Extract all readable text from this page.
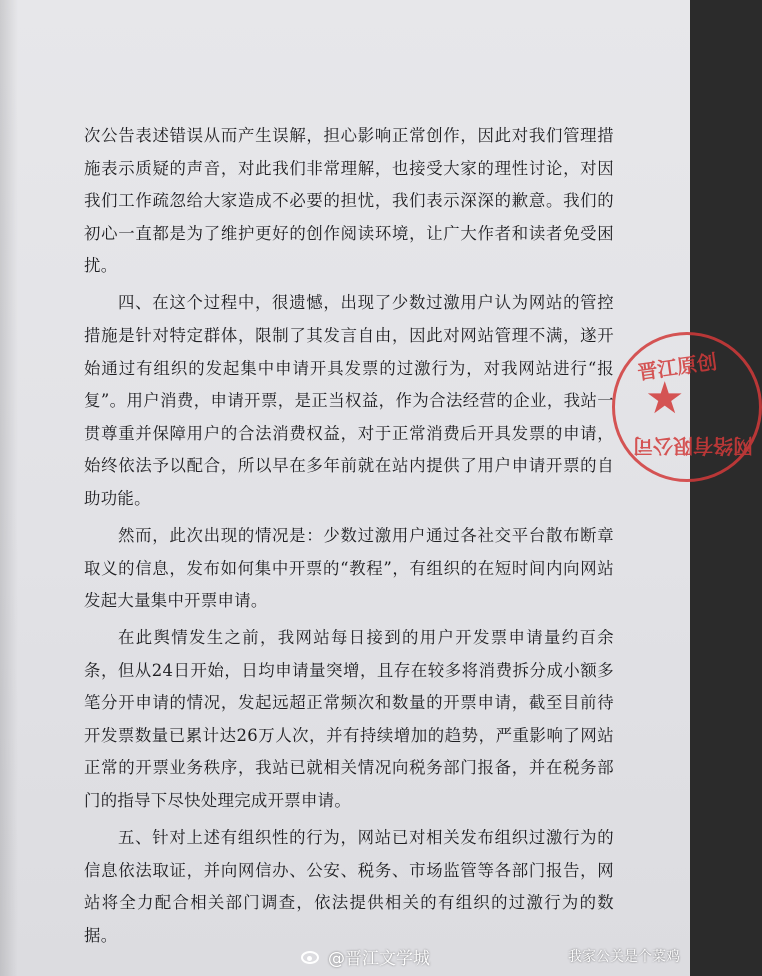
次公告表述错误从而产生误解，担心影响正常创作，因此对我们管理措施表示质疑的声音，对此我们非常理解，也接受大家的理性讨论，对因我们工作疏忽给大家造成不必要的担忧，我们表示深深的歉意。我们的初心一直都是为了维护更好的创作阅读环境，让广大作者和读者免受困扰。

四、在这个过程中，很遗憾，出现了少数过激用户认为网站的管控措施是针对特定群体，限制了其发言自由，因此对网站管理不满，遂开始通过有组织的发起集中申请开具发票的过激行为，对我网站进行“报复”。用户消费，申请开票，是正当权益，作为合法经营的企业，我站一贯尊重并保障用户的合法消费权益，对于正常消费后开具发票的申请，始终依法予以配合，所以早在多年前就在站内提供了用户申请开票的自助功能。

然而，此次出现的情况是：少数过激用户通过各社交平台散布断章取义的信息，发布如何集中开票的“教程”，有组织的在短时间内向网站发起大量集中开票申请。

在此舆情发生之前，我网站每日接到的用户开发票申请量约百余条，但从24日开始，日均申请量突增，且存在较多将消费拆分成小额多笔分开申请的情况，发起远超正常频次和数量的开票申请，截至目前待开发票数量已累计达26万人次，并有持续增加的趋势，严重影响了网站正常的开票业务秩序，我站已就相关情况向税务部门报备，并在税务部门的指导下尽快处理完成开票申请。

五、针对上述有组织性的行为，网站已对相关发布组织过激行为的信息依法取证，并向网信办、公安、税务、市场监管等各部门报告，网站将全力配合相关部门调查，依法提供相关的有组织的过激行为的数据。

晋江原创
★
网络有限公司
@晋江文学城	我家公关是个菜鸡
